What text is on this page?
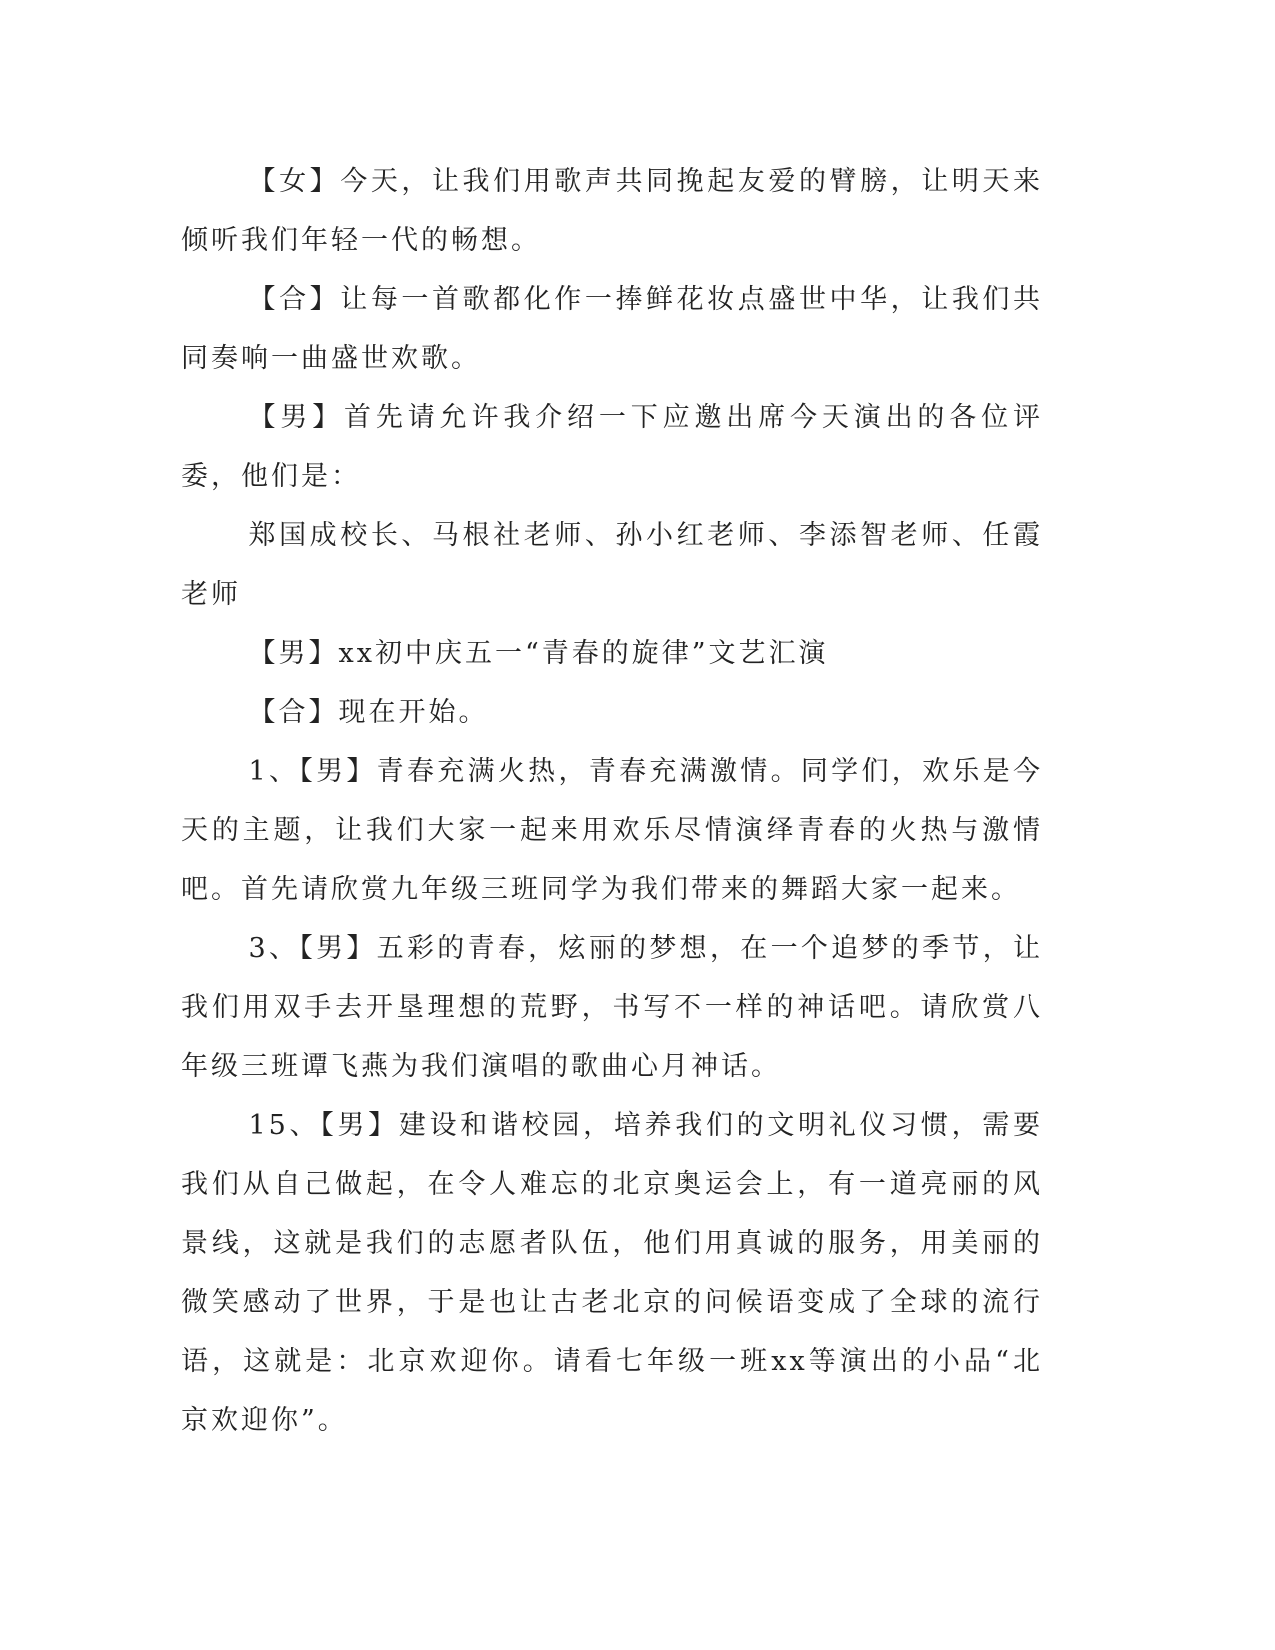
【女】今天，让我们用歌声共同挽起友爱的臂膀，让明天来倾听我们年轻一代的畅想。

【合】让每一首歌都化作一捧鲜花妆点盛世中华，让我们共同奏响一曲盛世欢歌。

【男】首先请允许我介绍一下应邀出席今天演出的各位评委，他们是：

郑国成校长、马根社老师、孙小红老师、李添智老师、任霞老师

【男】xx初中庆五一“青春的旋律”文艺汇演

【合】现在开始。

1、【男】青春充满火热，青春充满激情。同学们，欢乐是今天的主题，让我们大家一起来用欢乐尽情演绎青春的火热与激情吧。首先请欣赏九年级三班同学为我们带来的舞蹈大家一起来。

3、【男】五彩的青春，炫丽的梦想，在一个追梦的季节，让我们用双手去开垦理想的荒野，书写不一样的神话吧。请欣赏八年级三班谭飞燕为我们演唱的歌曲心月神话。

15、【男】建设和谐校园，培养我们的文明礼仪习惯，需要我们从自己做起，在令人难忘的北京奥运会上，有一道亮丽的风景线，这就是我们的志愿者队伍，他们用真诚的服务，用美丽的微笑感动了世界，于是也让古老北京的问候语变成了全球的流行语，这就是：北京欢迎你。请看七年级一班xx等演出的小品“北京欢迎你”。
